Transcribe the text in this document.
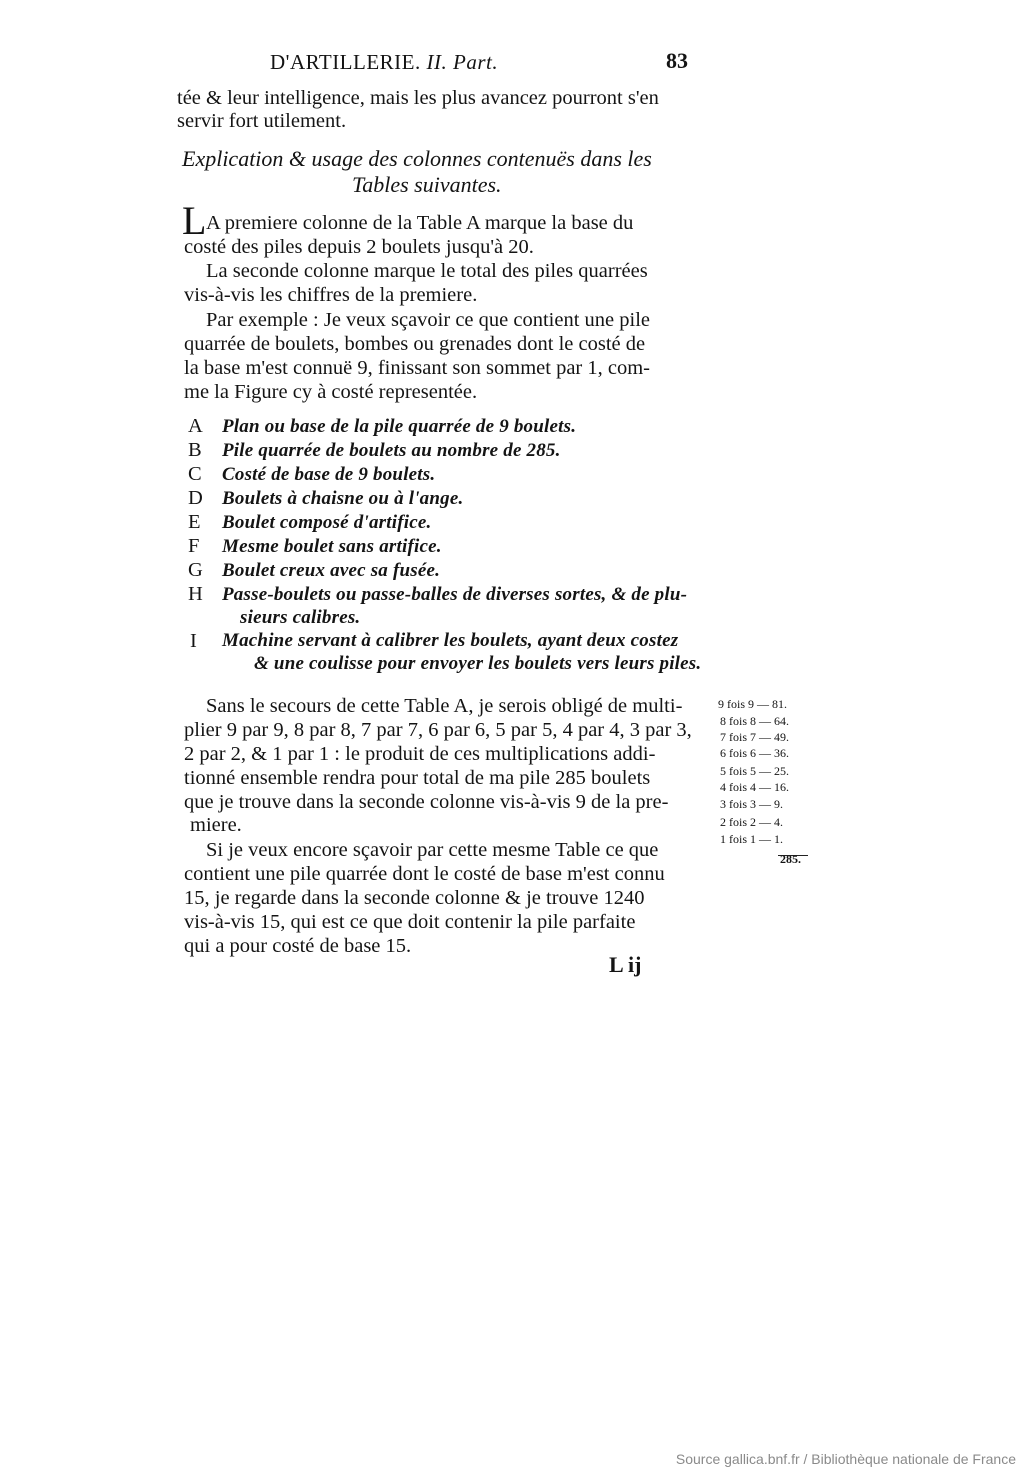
D'ARTILLERIE. II. Part.	83
tée & leur intelligence, mais les plus avancez pourront s'en
servir fort utilement.
Explication & usage des colonnes contenuës dans les
Tables suivantes.
L A premiere colonne de la Table A marque la base du
costé des piles depuis 2 boulets jusqu'à 20.
La seconde colonne marque le total des piles quarrées
vis-à-vis les chiffres de la premiere.
Par exemple : Je veux sçavoir ce que contient une pile
quarrée de boulets, bombes ou grenades dont le costé de
la base m'est connuë 9, finissant son sommet par 1, com-
me la Figure cy à costé representée.
A	Plan ou base de la pile quarrée de 9 boulets.
B	Pile quarrée de boulets au nombre de 285.
C	Costé de base de 9 boulets.
D	Boulets à chaisne ou à l'ange.
E	Boulet composé d'artifice.
F	Mesme boulet sans artifice.
G	Boulet creux avec sa fusée.
H	Passe-boulets ou passe-balles de diverses sortes, & de plu-
sieurs calibres.
I	Machine servant à calibrer les boulets, ayant deux costez
& une coulisse pour envoyer les boulets vers leurs piles.
Sans le secours de cette Table A, je serois obligé de multi-
plier 9 par 9, 8 par 8, 7 par 7, 6 par 6, 5 par 5, 4 par 4, 3 par 3,
2 par 2, & 1 par 1 : le produit de ces multiplications addi-
tionné ensemble rendra pour total de ma pile 285 boulets
que je trouve dans la seconde colonne vis-à-vis 9 de la pre-
miere.
Si je veux encore sçavoir par cette mesme Table ce que
contient une pile quarrée dont le costé de base m'est connu
15, je regarde dans la seconde colonne & je trouve 1240
vis-à-vis 15, qui est ce que doit contenir la pile parfaite
qui a pour costé de base 15.
9 fois 9 — 81.
8 fois 8 — 64.
7 fois 7 — 49.
6 fois 6 — 36.
5 fois 5 — 25.
4 fois 4 — 16.
3 fois 3 — 9.
2 fois 2 — 4.
1 fois 1 — 1.
285.
L ij
Source gallica.bnf.fr / Bibliothèque nationale de France
